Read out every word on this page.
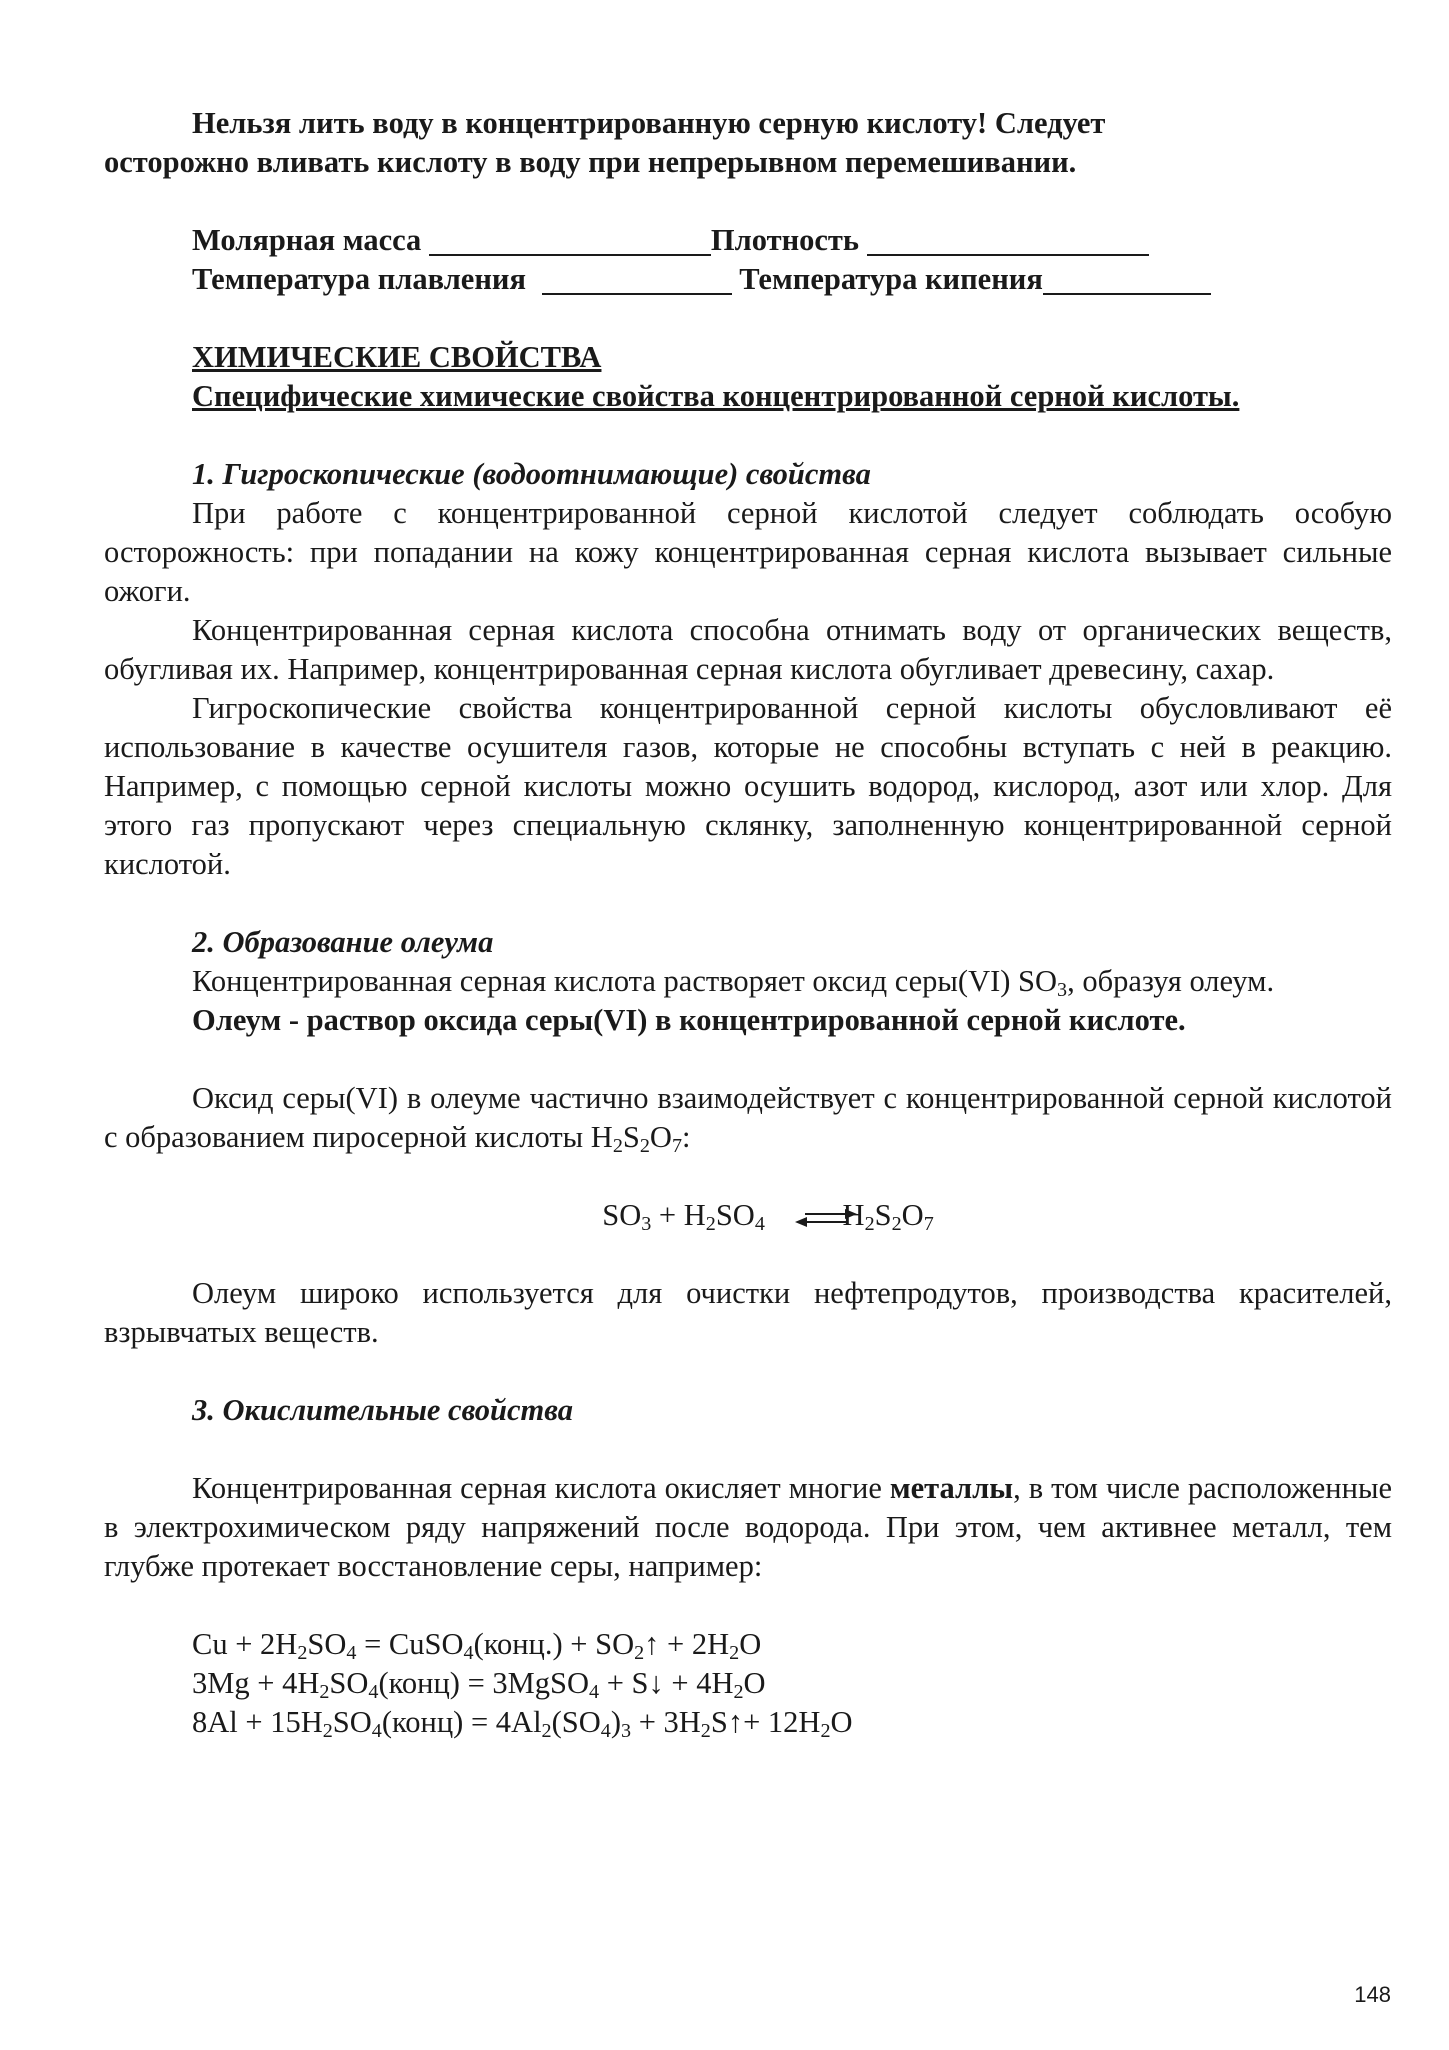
Нельзя лить воду в концентрированную серную кислоту! Следует
осторожно вливать кислоту в воду при непрерывном перемешивании.
Молярная масса	Плотность
Температура плавления	Температура кипения
ХИМИЧЕСКИЕ СВОЙСТВА
Специфические химические свойства концентрированной серной кислоты.
1. Гигроскопические (водоотнимающие) свойства

При работе с концентрированной серной кислотой следует соблюдать особую осторожность: при попадании на кожу концентрированная серная кислота вызывает сильные ожоги.

Концентрированная серная кислота способна отнимать воду от органических веществ, обугливая их. Например, концентрированная серная кислота обугливает древесину, сахар.

Гигроскопические свойства концентрированной серной кислоты обусловливают её использование в качестве осушителя газов, которые не способны вступать с ней в реакцию. Например, с помощью серной кислоты можно осушить водород, кислород, азот или хлор. Для этого газ пропускают через специальную склянку, заполненную концентрированной серной кислотой.

2. Образование олеума

Концентрированная серная кислота растворяет оксид серы(VI) $SO_3$, образуя олеум.

Олеум - раствор оксида серы(VI) в концентрированной серной кислоте.

Оксид серы(VI) в олеуме частично взаимодействует с концентрированной серной кислотой с образованием пиросерной кислоты $H_2S_2O_7$:

$SO_3 + H_2SO_4$ $\rightleftharpoons H_2S_2O_7$

Олеум широко используется для очистки нефтепродутов, производства красителей, взрывчатых веществ.

3. Окислительные свойства

Концентрированная серная кислота окисляет многие металлы, в том числе расположенные в электрохимическом ряду напряжений после водорода. При этом, чем активнее металл, тем глубже протекает восстановление серы, например:

$Cu + 2H_2SO_4$ = CuSO$_4$(конц.) + $SO_2↑ + 2H_2O$
$3Mg + 4H_2SO_4(конц)$ = 3MgSO$_4$ + S↓ + $4H_2O$
$8Al + 15H_2SO_4(конц) = 4Al_2(SO_4)_3$ + $3H_2S↑+ 12H_2O$
148
